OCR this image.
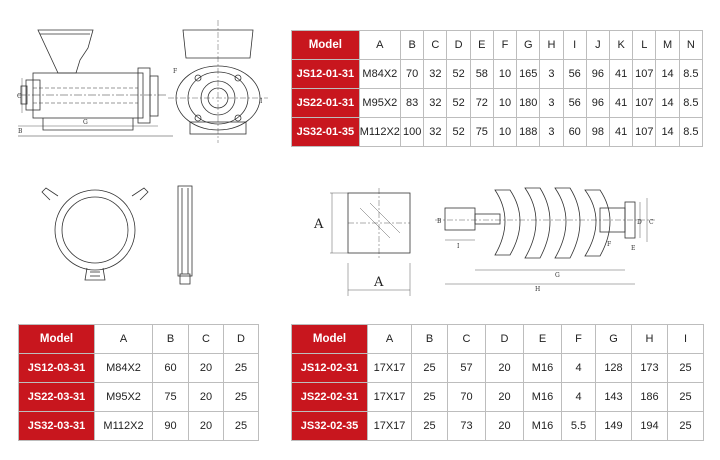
C
B
G
F
I
A
A
B
I
G
H
F
E
D C
Model	A	B	C	D	E	F	G	H	I	J	K	L	M	N
JS12-01-31	M84X2	70	32	52	58	10	165	3	56	96	41	107	14	8.5
JS22-01-31	M95X2	83	32	52	72	10	180	3	56	96	41	107	14	8.5
JS32-01-35	M112X2	100	32	52	75	10	188	3	60	98	41	107	14	8.5
Model	A	B	C	D
JS12-03-31	M84X2	60	20	25
JS22-03-31	M95X2	75	20	25
JS32-03-31	M112X2	90	20	25
Model	A	B	C	D	E	F	G	H	I
JS12-02-31	17X17	25	57	20	M16	4	128	173	25
JS22-02-31	17X17	25	70	20	M16	4	143	186	25
JS32-02-35	17X17	25	73	20	M16	5.5	149	194	25
